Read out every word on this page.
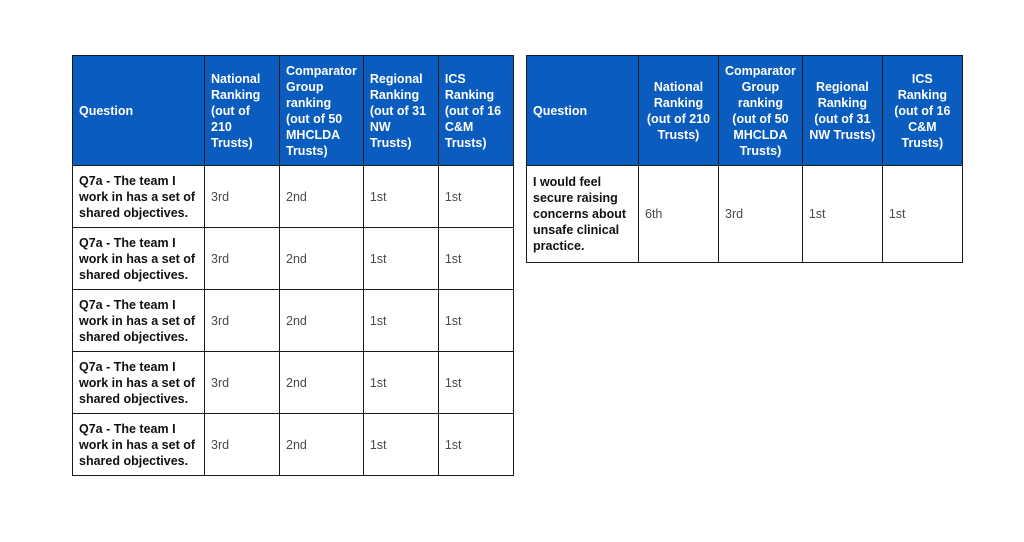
Question	National Ranking (out of 210 Trusts)	Comparator Group ranking (out of 50 MHCLDA Trusts)	Regional Ranking (out of 31 NW Trusts)	ICS Ranking (out of 16 C&M Trusts)
Q7a - The team I work in has a set of shared objectives.	3rd	2nd	1st	1st
Q7a - The team I work in has a set of shared objectives.	3rd	2nd	1st	1st
Q7a - The team I work in has a set of shared objectives.	3rd	2nd	1st	1st
Q7a - The team I work in has a set of shared objectives.	3rd	2nd	1st	1st
Q7a - The team I work in has a set of shared objectives.	3rd	2nd	1st	1st
Question	National Ranking (out of 210 Trusts)	Comparator Group ranking (out of 50 MHCLDA Trusts)	Regional Ranking (out of 31 NW Trusts)	ICS Ranking (out of 16 C&M Trusts)
I would feel secure raising concerns about unsafe clinical practice.	6th	3rd	1st	1st
